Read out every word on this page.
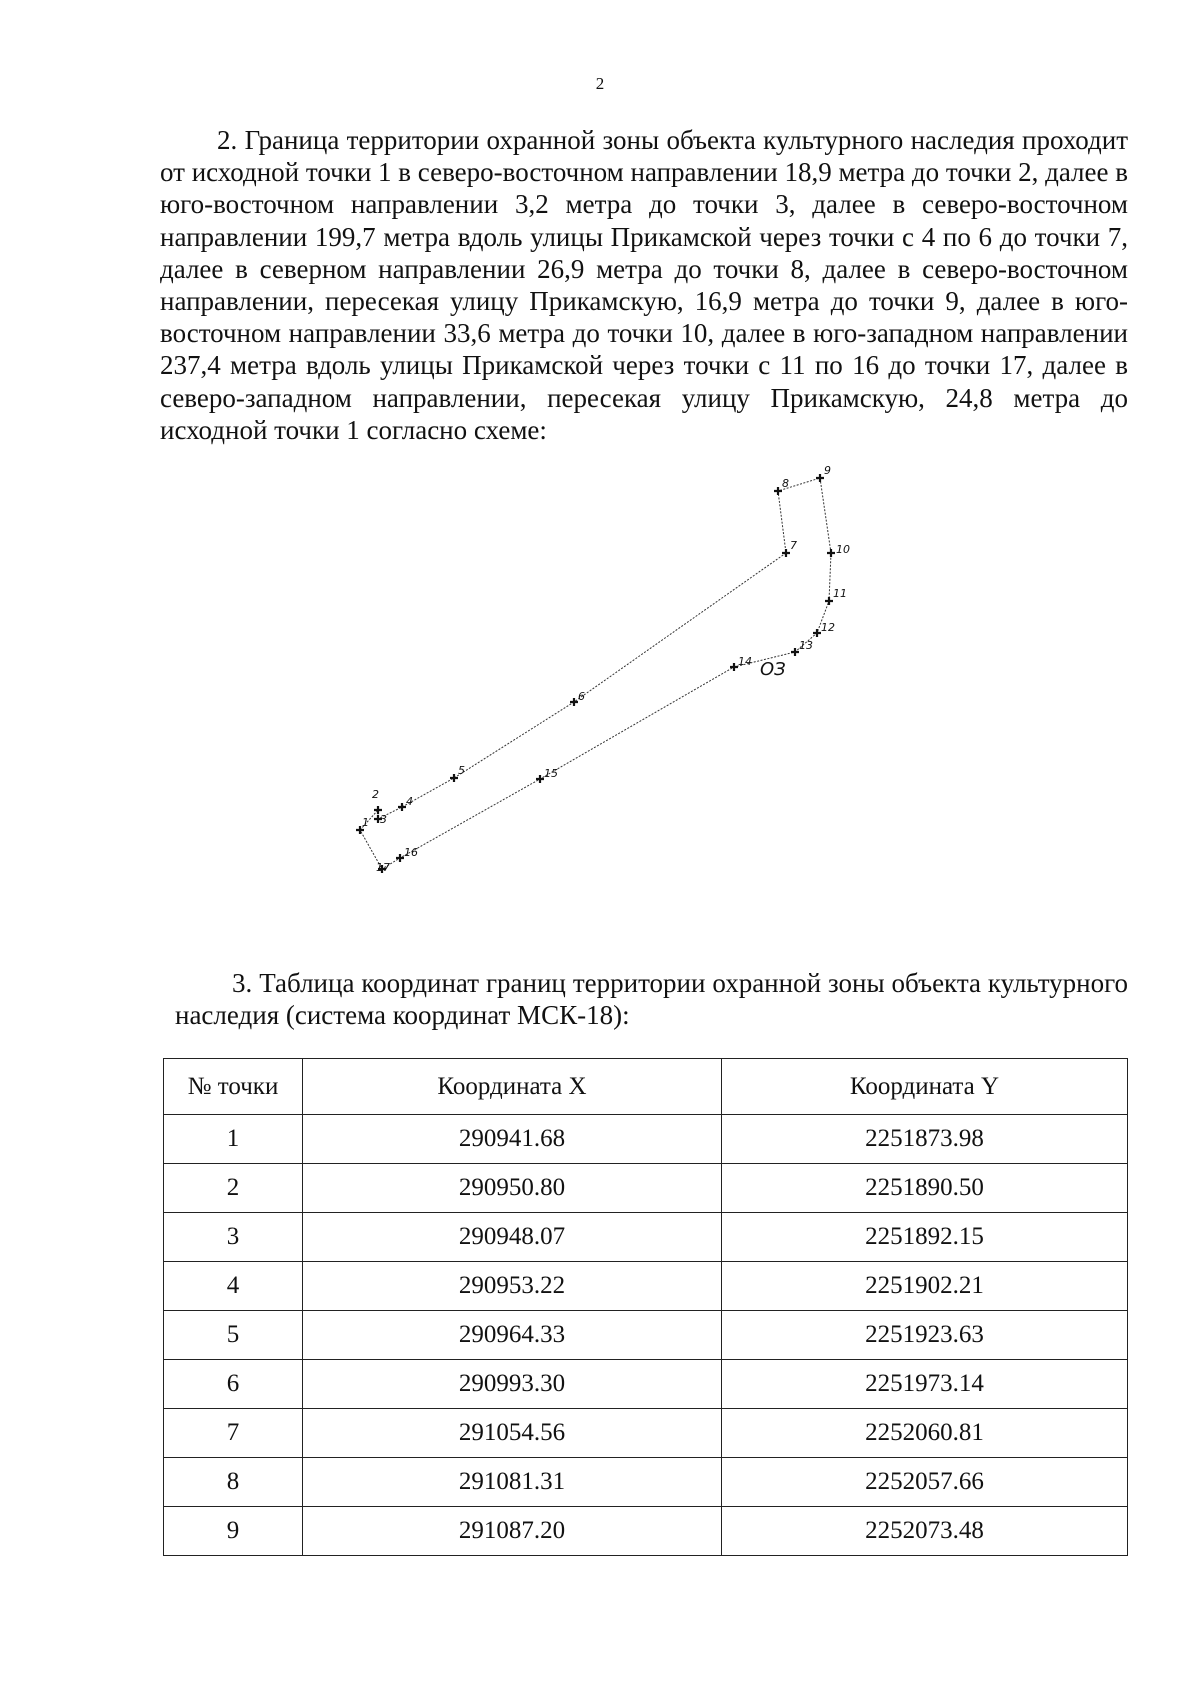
2

2. Граница территории охранной зоны объекта культурного наследия проходит от исходной точки 1 в северо-восточном направлении 18,9 метра до точки 2, далее в юго-восточном направлении 3,2 метра до точки 3, далее в северо-восточном направлении 199,7 метра вдоль улицы Прикамской через точки с 4 по 6 до точки 7, далее в северном направлении 26,9 метра до точки 8, далее в северо-восточном направлении, пересекая улицу Прикамскую, 16,9 метра до точки 9, далее в юго-восточном направлении 33,6 метра до точки 10, далее в юго-западном направлении 237,4 метра вдоль улицы Прикамской через точки с 11 по 16 до точки 17, далее в северо-западном направлении, пересекая улицу Прикамскую, 24,8 метра до исходной точки 1 согласно схеме:

1
2
3
4
5
6
7
8
9
10
11
12
13
14
15
16
17
ОЗ

3. Таблица координат границ территории охранной зоны объекта культурного наследия (система координат МСК-18):

№ точки	Координата X	Координата Y
1	290941.68	2251873.98
2	290950.80	2251890.50
3	290948.07	2251892.15
4	290953.22	2251902.21
5	290964.33	2251923.63
6	290993.30	2251973.14
7	291054.56	2252060.81
8	291081.31	2252057.66
9	291087.20	2252073.48
